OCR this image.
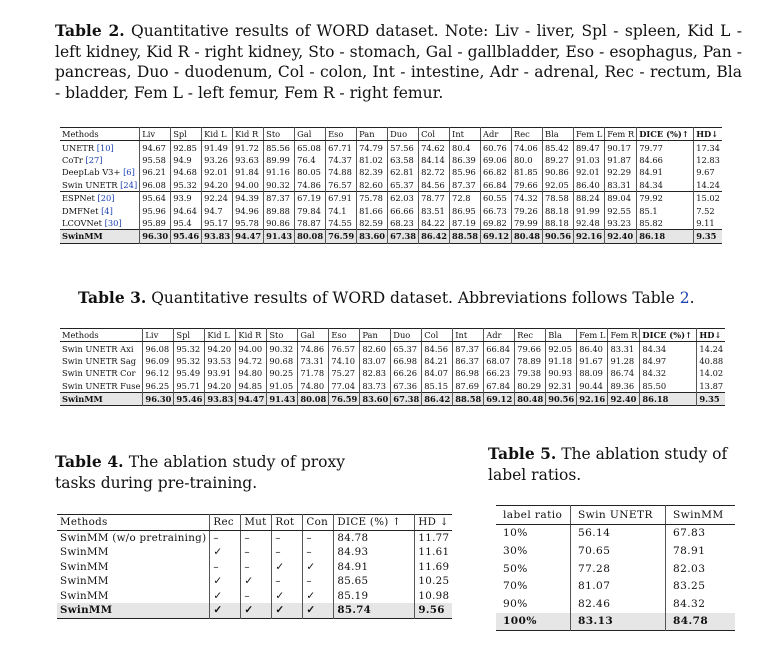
Table 2. Quantitative results of WORD dataset. Note: Liv - liver, Spl - spleen, Kid L - left kidney, Kid R - right kidney, Sto - stomach, Gal - gallbladder, Eso - esophagus, Pan - pancreas, Duo - duodenum, Col - colon, Int - intestine, Adr - adrenal, Rec - rectum, Bla - bladder, Fem L - left femur, Fem R - right femur.
Methods	Liv	Spl	Kid L	Kid R	Sto	Gal	Eso	Pan	Duo	Col	Int	Adr	Rec	Bla	Fem L	Fem R	DICE (%)↑	HD↓
UNETR [10]	94.67	92.85	91.49	91.72	85.56	65.08	67.71	74.79	57.56	74.62	80.4	60.76	74.06	85.42	89.47	90.17	79.77	17.34
CoTr [27]	95.58	94.9	93.26	93.63	89.99	76.4	74.37	81.02	63.58	84.14	86.39	69.06	80.0	89.27	91.03	91.87	84.66	12.83
DeepLab V3+ [6]	96.21	94.68	92.01	91.84	91.16	80.05	74.88	82.39	62.81	82.72	85.96	66.82	81.85	90.86	92.01	92.29	84.91	9.67
Swin UNETR [24]	96.08	95.32	94.20	94.00	90.32	74.86	76.57	82.60	65.37	84.56	87.37	66.84	79.66	92.05	86.40	83.31	84.34	14.24
ESPNet [20]	95.64	93.9	92.24	94.39	87.37	67.19	67.91	75.78	62.03	78.77	72.8	60.55	74.32	78.58	88.24	89.04	79.92	15.02
DMFNet [4]	95.96	94.64	94.7	94.96	89.88	79.84	74.1	81.66	66.66	83.51	86.95	66.73	79.26	88.18	91.99	92.55	85.1	7.52
LCOVNet [30]	95.89	95.4	95.17	95.78	90.86	78.87	74.55	82.59	68.23	84.22	87.19	69.82	79.99	88.18	92.48	93.23	85.82	9.11
SwinMM	96.30	95.46	93.83	94.47	91.43	80.08	76.59	83.60	67.38	86.42	88.58	69.12	80.48	90.56	92.16	92.40	86.18	9.35
Table 3. Quantitative results of WORD dataset. Abbreviations follows Table 2.
Methods	Liv	Spl	Kid L	Kid R	Sto	Gal	Eso	Pan	Duo	Col	Int	Adr	Rec	Bla	Fem L	Fem R	DICE (%)↑	HD↓
Swin UNETR Axi	96.08	95.32	94.20	94.00	90.32	74.86	76.57	82.60	65.37	84.56	87.37	66.84	79.66	92.05	86.40	83.31	84.34	14.24
Swin UNETR Sag	96.09	95.32	93.53	94.72	90.68	73.31	74.10	83.07	66.98	84.21	86.37	68.07	78.89	91.18	91.67	91.28	84.97	40.88
Swin UNETR Cor	96.12	95.49	93.91	94.80	90.25	71.78	75.27	82.83	66.26	84.07	86.98	66.23	79.38	90.93	88.09	86.74	84.32	14.02
Swin UNETR Fuse	96.25	95.71	94.20	94.85	91.05	74.80	77.04	83.73	67.36	85.15	87.69	67.84	80.29	92.31	90.44	89.36	85.50	13.87
SwinMM	96.30	95.46	93.83	94.47	91.43	80.08	76.59	83.60	67.38	86.42	88.58	69.12	80.48	90.56	92.16	92.40	86.18	9.35
Table 4. The ablation study of proxy tasks during pre-training.
Methods	Rec	Mut	Rot	Con	DICE (%) ↑	HD ↓
SwinMM (w/o pretraining)	–	–	–	–	84.78	11.77
SwinMM	✓	–	–	–	84.93	11.61
SwinMM	–	–	✓	✓	84.91	11.69
SwinMM	✓	✓	–	–	85.65	10.25
SwinMM	✓	–	✓	✓	85.19	10.98
SwinMM	✓	✓	✓	✓	85.74	9.56
Table 5. The ablation study of label ratios.
label ratio	Swin UNETR	SwinMM
10%	56.14	67.83
30%	70.65	78.91
50%	77.28	82.03
70%	81.07	83.25
90%	82.46	84.32
100%	83.13	84.78
